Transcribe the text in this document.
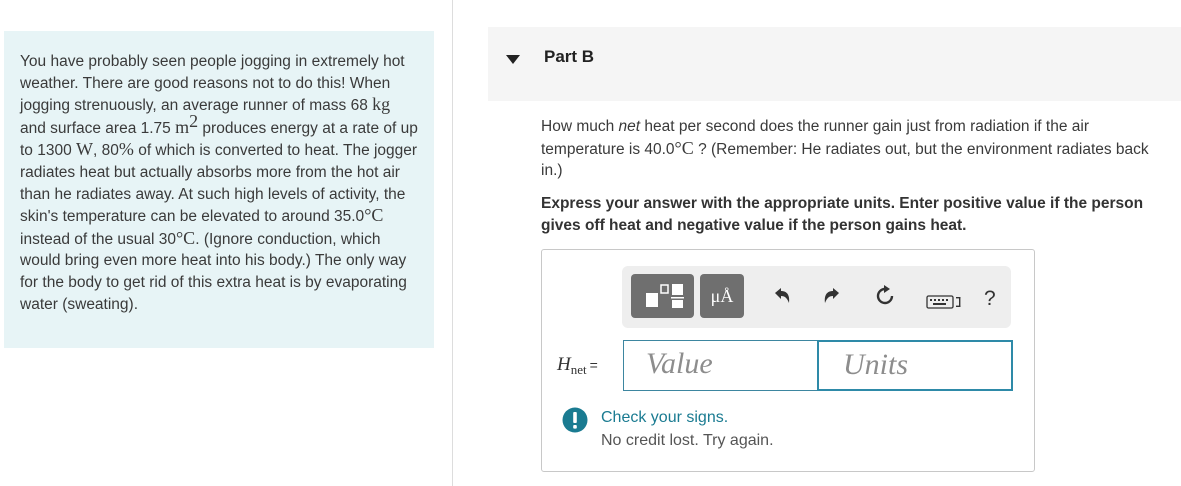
You have probably seen people jogging in extremely hot weather. There are good reasons not to do this! When jogging strenuously, an average runner of mass 68 kg and surface area 1.75 $m^2$ produces energy at a rate of up to 1300 W, 80% of which is converted to heat. The jogger radiates heat but actually absorbs more from the hot air than he radiates away. At such high levels of activity, the skin's temperature can be elevated to around 35.0°C instead of the usual 30°C. (Ignore conduction, which would bring even more heat into his body.) The only way for the body to get rid of this extra heat is by evaporating water (sweating).
Part B
How much net heat per second does the runner gain just from radiation if the air temperature is 40.0°C ? (Remember: He radiates out, but the environment radiates back in.)
Express your answer with the appropriate units. Enter positive value if the person gives off heat and negative value if the person gains heat.
μÅ	?
$H_{net}$ =	Value	Units
Check your signs.
No credit lost. Try again.
